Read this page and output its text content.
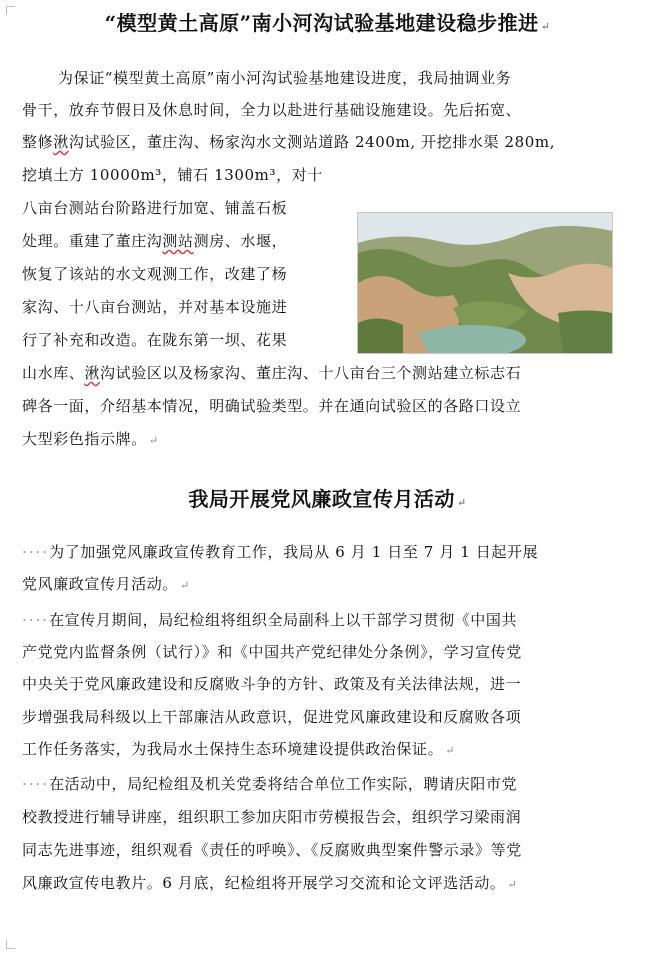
“模型黄土高原”南小河沟试验基地建设稳步推进 ↵
为保证“模型黄土高原”南小河沟试验基地建设进度，我局抽调业务
骨干，放弃节假日及休息时间，全力以赴进行基础设施建设。先后拓宽、
整修湫沟试验区，董庄沟、杨家沟水文测站道路 2400m, 开挖排水渠 280m,
挖填土方 10000m³，铺石 1300m³，对十
八亩台测站台阶路进行加宽、铺盖石板
处理。重建了董庄沟测站测房、水堰，
恢复了该站的水文观测工作，改建了杨
家沟、十八亩台测站，并对基本设施进
行了补充和改造。在陇东第一坝、花果
山水库、湫沟试验区以及杨家沟、董庄沟、十八亩台三个测站建立标志石
碑各一面，介绍基本情况，明确试验类型。并在通向试验区的各路口设立
大型彩色指示牌。 ↵
我局开展党风廉政宣传月活动 ↵
····为了加强党风廉政宣传教育工作，我局从 6 月 1 日至 7 月 1 日起开展
党风廉政宣传月活动。 ↵
····在宣传月期间，局纪检组将组织全局副科上以干部学习贯彻《中国共
产党党内监督条例（试行）》和《中国共产党纪律处分条例》，学习宣传党
中央关于党风廉政建设和反腐败斗争的方针、政策及有关法律法规，进一
步增强我局科级以上干部廉洁从政意识，促进党风廉政建设和反腐败各项
工作任务落实，为我局水土保持生态环境建设提供政治保证。 ↵
····在活动中，局纪检组及机关党委将结合单位工作实际，聘请庆阳市党
校教授进行辅导讲座，组织职工参加庆阳市劳模报告会，组织学习梁雨润
同志先进事迹，组织观看《责任的呼唤》、《反腐败典型案件警示录》等党
风廉政宣传电教片。6 月底，纪检组将开展学习交流和论文评选活动。 ↵
